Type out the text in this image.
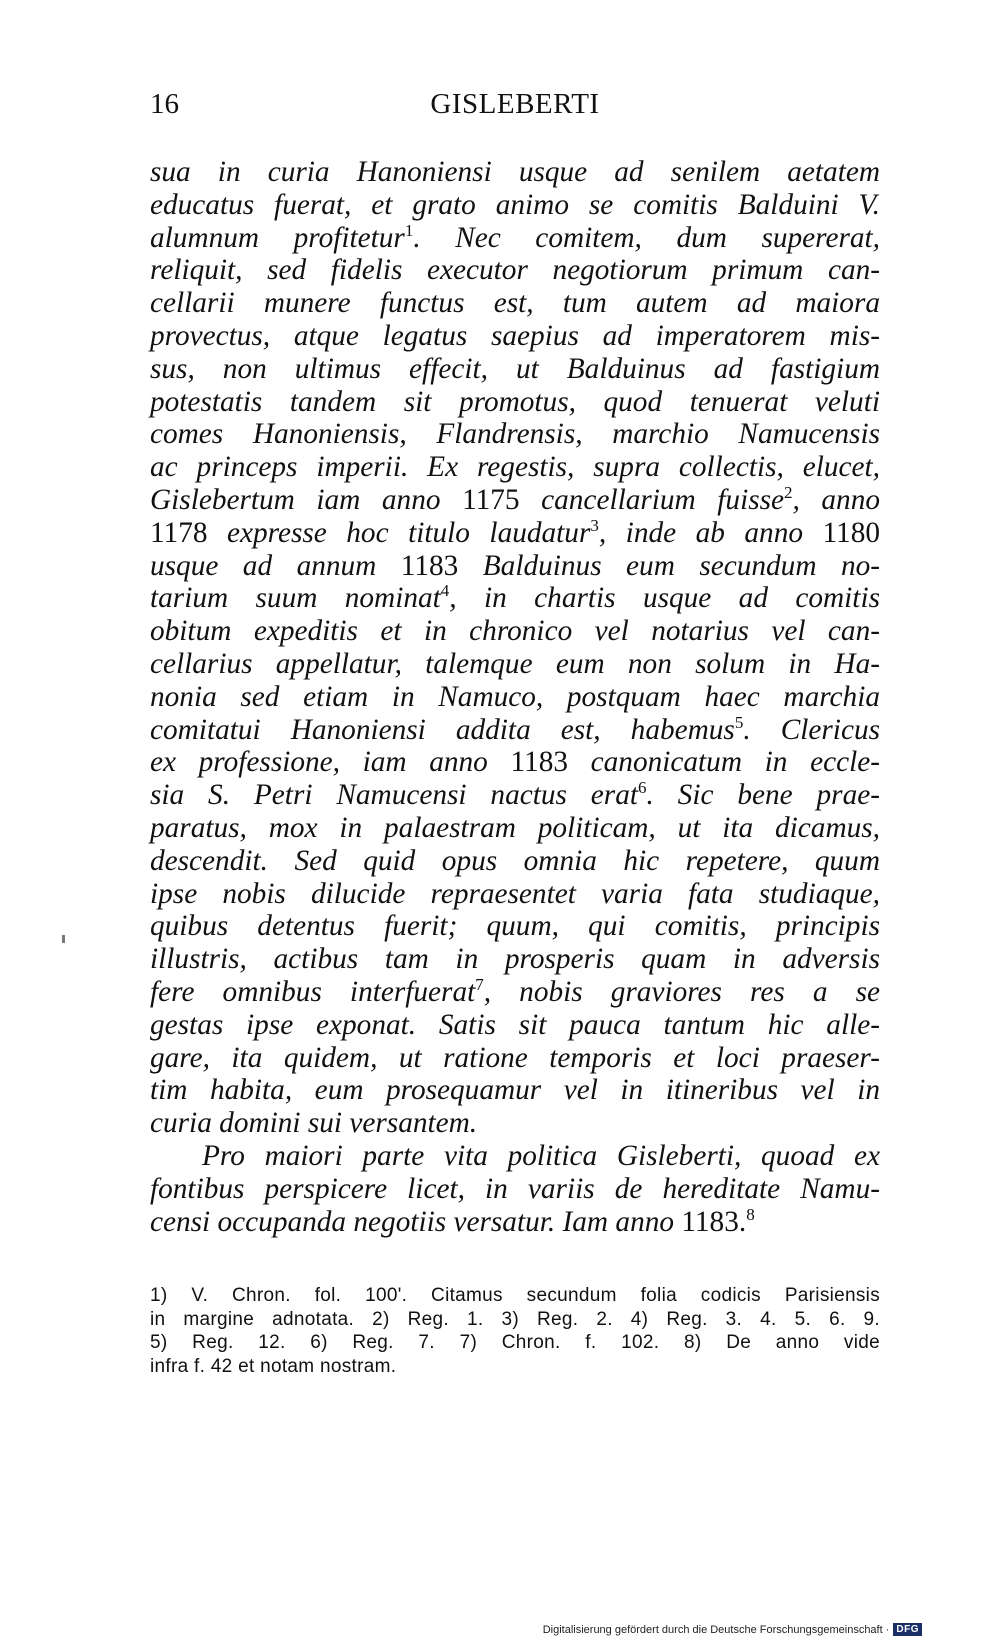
16	GISLEBERTI
sua in curia Hanoniensi usque ad senilem aetatem
educatus fuerat, et grato animo se comitis Balduini V.
alumnum profitetur$^1$. Nec comitem, dum supererat,
reliquit, sed fidelis executor negotiorum primum can-
cellarii munere functus est, tum autem ad maiora
provectus, atque legatus saepius ad imperatorem mis-
sus, non ultimus effecit, ut Balduinus ad fastigium
potestatis tandem sit promotus, quod tenuerat veluti
comes Hanoniensis, Flandrensis, marchio Namucensis
ac princeps imperii. Ex regestis, supra collectis, elucet,
Gislebertum iam anno 1175 cancellarium fuisse$^2$, anno
1178 expresse hoc titulo laudatur$^3$, inde ab anno 1180
usque ad annum 1183 Balduinus eum secundum no-
tarium suum nominat$^4$, in chartis usque ad comitis
obitum expeditis et in chronico vel notarius vel can-
cellarius appellatur, talemque eum non solum in Ha-
nonia sed etiam in Namuco, postquam haec marchia
comitatui Hanoniensi addita est, habemus$^5$. Clericus
ex professione, iam anno 1183 canonicatum in eccle-
sia S. Petri Namucensi nactus erat$^6$. Sic bene prae-
paratus, mox in palaestram politicam, ut ita dicamus,
descendit. Sed quid opus omnia hic repetere, quum
ipse nobis dilucide repraesentet varia fata studiaque,
quibus detentus fuerit; quum, qui comitis, principis
illustris, actibus tam in prosperis quam in adversis
fere omnibus interfuerat$^7$, nobis graviores res a se
gestas ipse exponat. Satis sit pauca tantum hic alle-
gare, ita quidem, ut ratione temporis et loci praeser-
tim habita, eum prosequamur vel in itineribus vel in
curia domini sui versantem.
Pro maiori parte vita politica Gisleberti, quoad ex
fontibus perspicere licet, in variis de hereditate Namu-
censi occupanda negotiis versatur. Iam anno 1183.$^8$
1) V. Chron. fol. 100'. Citamus secundum folia codicis Parisiensis
in margine adnotata. 2) Reg. 1. 3) Reg. 2. 4) Reg. 3. 4. 5. 6. 9.
5) Reg. 12. 6) Reg. 7. 7) Chron. f. 102. 8) De anno vide
infra f. 42 et notam nostram.
Digitalisierung gefördert durch die Deutsche Forschungsgemeinschaft · DFG
